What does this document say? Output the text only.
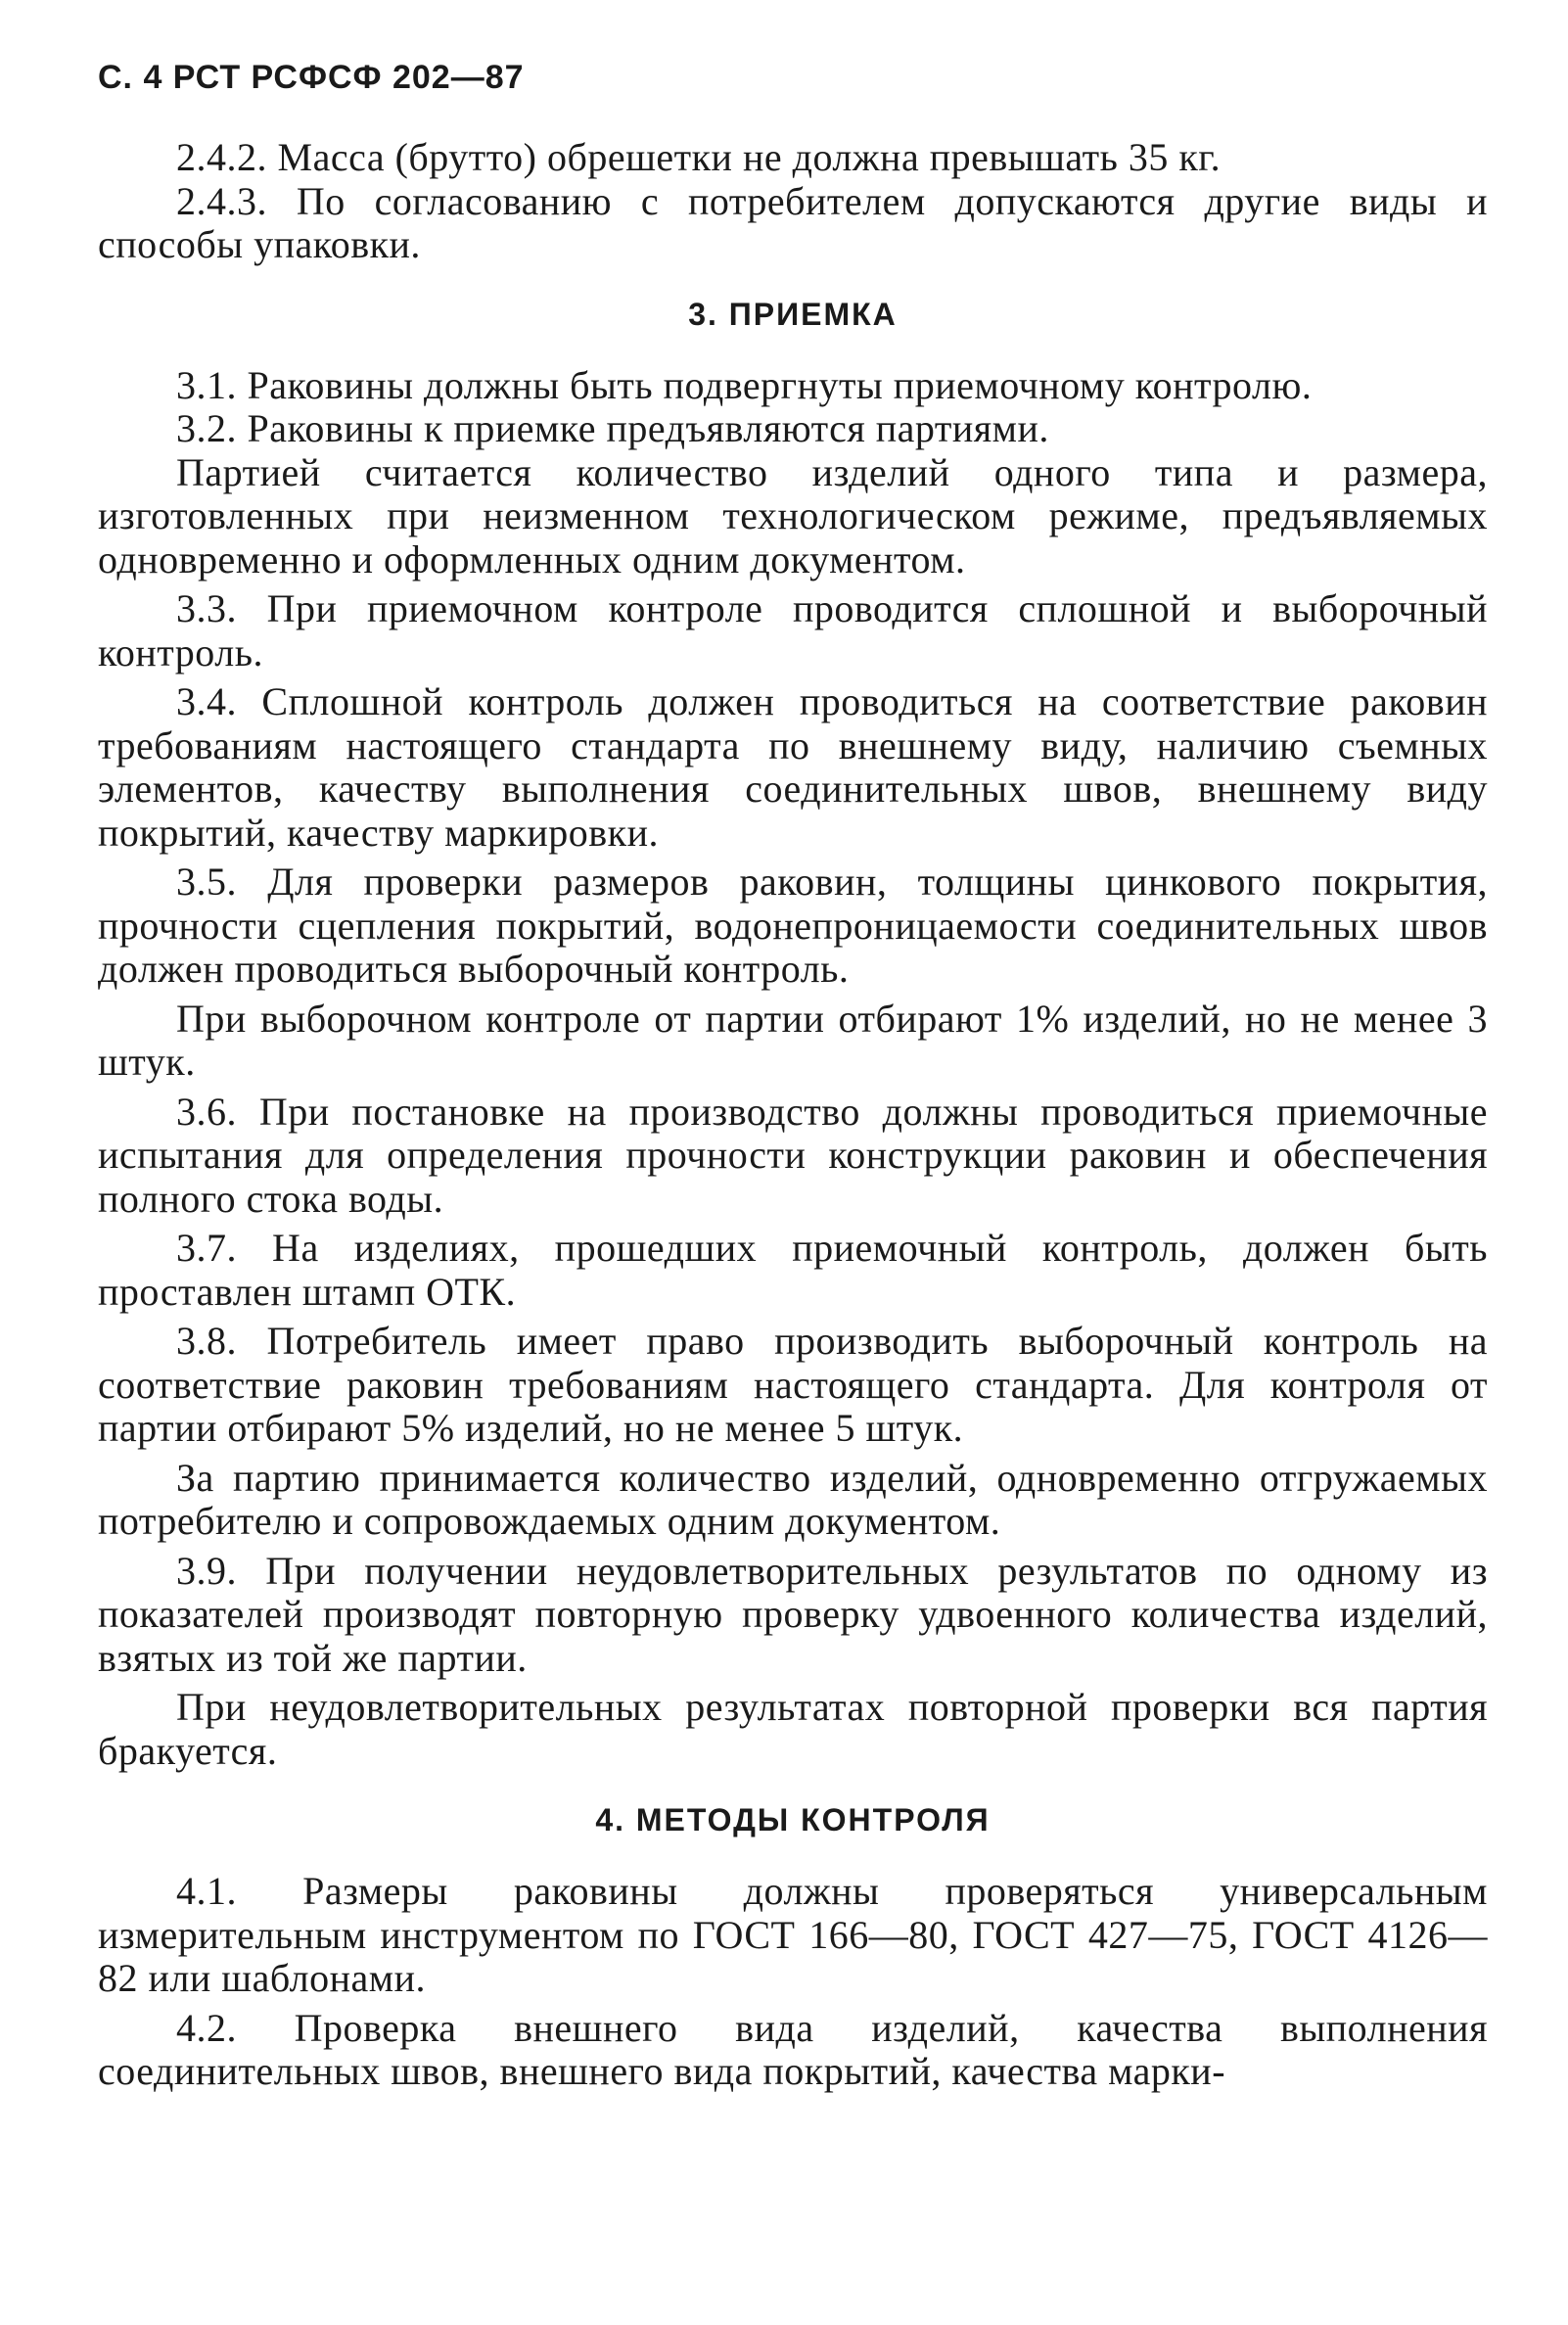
С. 4 РСТ РСФСФ 202—87

2.4.2. Масса (брутто) обрешетки не должна превышать 35 кг.

2.4.3. По согласованию с потребителем допускаются другие виды и способы упаковки.

3. ПРИЕМКА

3.1. Раковины должны быть подвергнуты приемочному контролю.

3.2. Раковины к приемке предъявляются партиями.

Партией считается количество изделий одного типа и размера, изготовленных при неизменном технологическом режиме, предъявляемых одновременно и оформленных одним документом.

3.3. При приемочном контроле проводится сплошной и выборочный контроль.

3.4. Сплошной контроль должен проводиться на соответствие раковин требованиям настоящего стандарта по внешнему виду, наличию съемных элементов, качеству выполнения соединительных швов, внешнему виду покрытий, качеству маркировки.

3.5. Для проверки размеров раковин, толщины цинкового покрытия, прочности сцепления покрытий, водонепроницаемости соединительных швов должен проводиться выборочный контроль.

При выборочном контроле от партии отбирают 1% изделий, но не менее 3 штук.

3.6. При постановке на производство должны проводиться приемочные испытания для определения прочности конструкции раковин и обеспечения полного стока воды.

3.7. На изделиях, прошедших приемочный контроль, должен быть проставлен штамп ОТК.

3.8. Потребитель имеет право производить выборочный контроль на соответствие раковин требованиям настоящего стандарта. Для контроля от партии отбирают 5% изделий, но не менее 5 штук.

За партию принимается количество изделий, одновременно отгружаемых потребителю и сопровождаемых одним документом.

3.9. При получении неудовлетворительных результатов по одному из показателей производят повторную проверку удвоенного количества изделий, взятых из той же партии.

При неудовлетворительных результатах повторной проверки вся партия бракуется.

4. МЕТОДЫ КОНТРОЛЯ

4.1. Размеры раковины должны проверяться универсальным измерительным инструментом по ГОСТ 166—80, ГОСТ 427—75, ГОСТ 4126—82 или шаблонами.

4.2. Проверка внешнего вида изделий, качества выполнения соединительных швов, внешнего вида покрытий, качества марки-
